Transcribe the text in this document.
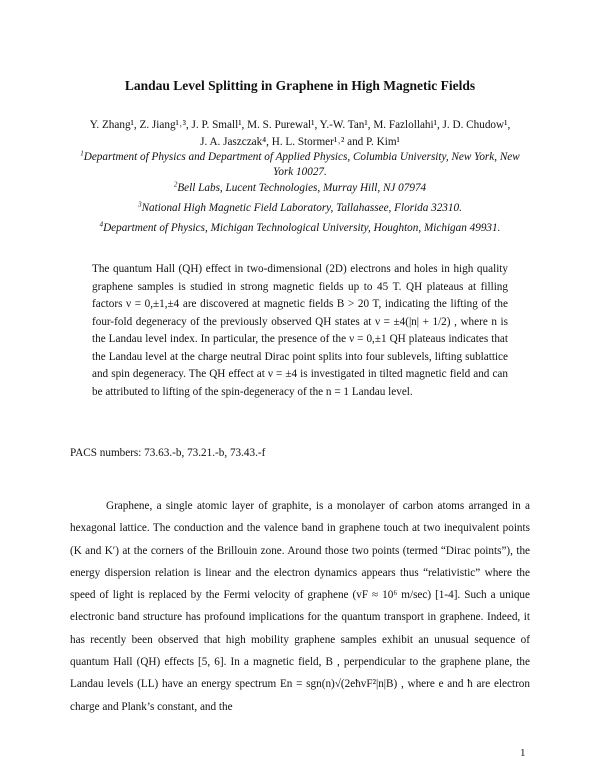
Landau Level Splitting in Graphene in High Magnetic Fields
Y. Zhang¹, Z. Jiang¹˒³, J. P. Small¹, M. S. Purewal¹, Y.-W. Tan¹, M. Fazlollahi¹, J. D. Chudow¹,
J. A. Jaszczak⁴, H. L. Stormer¹˒² and P. Kim¹
$^1$Department of Physics and Department of Applied Physics, Columbia University, New York, New York 10027.
$^2$Bell Labs, Lucent Technologies, Murray Hill, NJ 07974
$^3$National High Magnetic Field Laboratory, Tallahassee, Florida 32310.
$^4$Department of Physics, Michigan Technological University, Houghton, Michigan 49931.
The quantum Hall (QH) effect in two-dimensional (2D) electrons and holes in high quality graphene samples is studied in strong magnetic fields up to 45 T. QH plateaus at filling factors ν = 0,±1,±4 are discovered at magnetic fields B > 20 T, indicating the lifting of the four-fold degeneracy of the previously observed QH states at ν = ±4(|n| + 1/2) , where n is the Landau level index. In particular, the presence of the ν = 0,±1 QH plateaus indicates that the Landau level at the charge neutral Dirac point splits into four sublevels, lifting sublattice and spin degeneracy. The QH effect at ν = ±4 is investigated in tilted magnetic field and can be attributed to lifting of the spin-degeneracy of the n = 1 Landau level.
PACS numbers: 73.63.-b, 73.21.-b, 73.43.-f
Graphene, a single atomic layer of graphite, is a monolayer of carbon atoms arranged in a hexagonal lattice. The conduction and the valence band in graphene touch at two inequivalent points (K and K′) at the corners of the Brillouin zone. Around those two points (termed “Dirac points”), the energy dispersion relation is linear and the electron dynamics appears thus “relativistic” where the speed of light is replaced by the Fermi velocity of graphene (vF ≈ 10⁶ m/sec) [1-4]. Such a unique electronic band structure has profound implications for the quantum transport in graphene. Indeed, it has recently been observed that high mobility graphene samples exhibit an unusual sequence of quantum Hall (QH) effects [5, 6]. In a magnetic field, B , perpendicular to the graphene plane, the Landau levels (LL) have an energy spectrum En = sgn(n)√(2eħvF²|n|B) , where e and ħ are electron charge and Plank’s constant, and the
1
